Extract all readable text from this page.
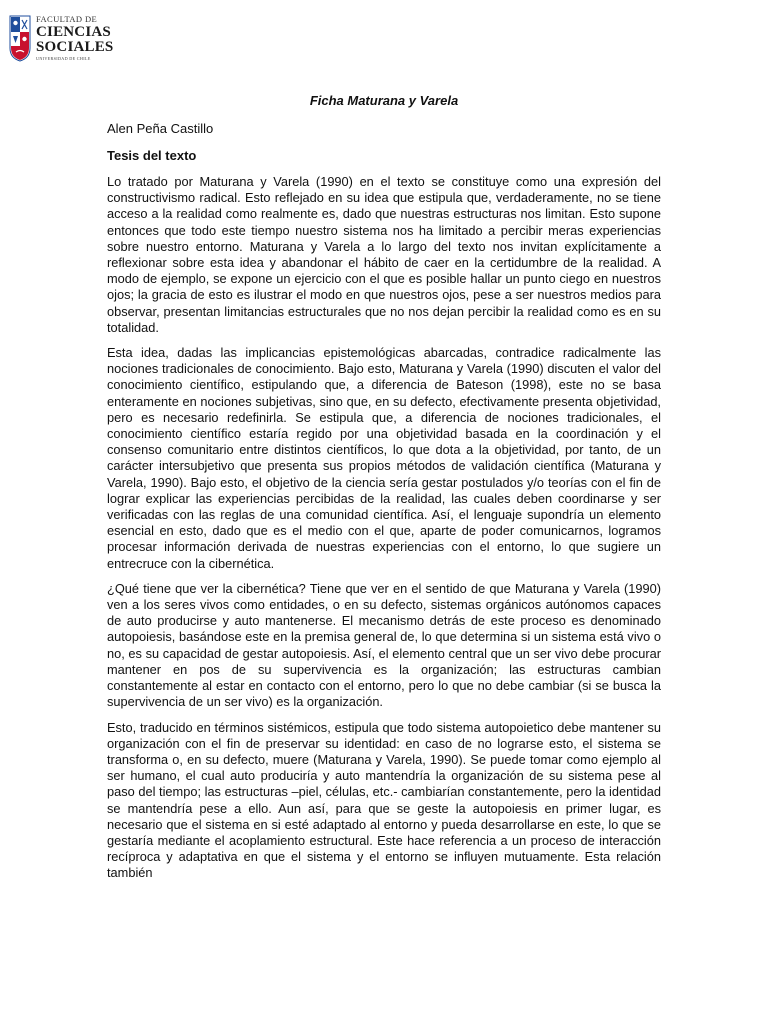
FACULTAD DE
CIENCIAS
SOCIALES
UNIVERSIDAD DE CHILE
Ficha Maturana y Varela
Alen Peña Castillo
Tesis del texto

Lo tratado por Maturana y Varela (1990) en el texto se constituye como una expresión del constructivismo radical. Esto reflejado en su idea que estipula que, verdaderamente, no se tiene acceso a la realidad como realmente es, dado que nuestras estructuras nos limitan. Esto supone entonces que todo este tiempo nuestro sistema nos ha limitado a percibir meras experiencias sobre nuestro entorno. Maturana y Varela a lo largo del texto nos invitan explícitamente a reflexionar sobre esta idea y abandonar el hábito de caer en la certidumbre de la realidad. A modo de ejemplo, se expone un ejercicio con el que es posible hallar un punto ciego en nuestros ojos; la gracia de esto es ilustrar el modo en que nuestros ojos, pese a ser nuestros medios para observar, presentan limitancias estructurales que no nos dejan percibir la realidad como es en su totalidad.

Esta idea, dadas las implicancias epistemológicas abarcadas, contradice radicalmente las nociones tradicionales de conocimiento. Bajo esto, Maturana y Varela (1990) discuten el valor del conocimiento científico, estipulando que, a diferencia de Bateson (1998), este no se basa enteramente en nociones subjetivas, sino que, en su defecto, efectivamente presenta objetividad, pero es necesario redefinirla. Se estipula que, a diferencia de nociones tradicionales, el conocimiento científico estaría regido por una objetividad basada en la coordinación y el consenso comunitario entre distintos científicos, lo que dota a la objetividad, por tanto, de un carácter intersubjetivo que presenta sus propios métodos de validación científica (Maturana y Varela, 1990). Bajo esto, el objetivo de la ciencia sería gestar postulados y/o teorías con el fin de lograr explicar las experiencias percibidas de la realidad, las cuales deben coordinarse y ser verificadas con las reglas de una comunidad científica. Así, el lenguaje supondría un elemento esencial en esto, dado que es el medio con el que, aparte de poder comunicarnos, logramos procesar información derivada de nuestras experiencias con el entorno, lo que sugiere un entrecruce con la cibernética.

¿Qué tiene que ver la cibernética? Tiene que ver en el sentido de que Maturana y Varela (1990) ven a los seres vivos como entidades, o en su defecto, sistemas orgánicos autónomos capaces de auto producirse y auto mantenerse. El mecanismo detrás de este proceso es denominado autopoiesis, basándose este en la premisa general de, lo que determina si un sistema está vivo o no, es su capacidad de gestar autopoiesis. Así, el elemento central que un ser vivo debe procurar mantener en pos de su supervivencia es la organización; las estructuras cambian constantemente al estar en contacto con el entorno, pero lo que no debe cambiar (si se busca la supervivencia de un ser vivo) es la organización.

Esto, traducido en términos sistémicos, estipula que todo sistema autopoietico debe mantener su organización con el fin de preservar su identidad: en caso de no lograrse esto, el sistema se transforma o, en su defecto, muere (Maturana y Varela, 1990). Se puede tomar como ejemplo al ser humano, el cual auto produciría y auto mantendría la organización de su sistema pese al paso del tiempo; las estructuras –piel, células, etc.- cambiarían constantemente, pero la identidad se mantendría pese a ello. Aun así, para que se geste la autopoiesis en primer lugar, es necesario que el sistema en si esté adaptado al entorno y pueda desarrollarse en este, lo que se gestaría mediante el acoplamiento estructural. Este hace referencia a un proceso de interacción recíproca y adaptativa en que el sistema y el entorno se influyen mutuamente. Esta relación también
